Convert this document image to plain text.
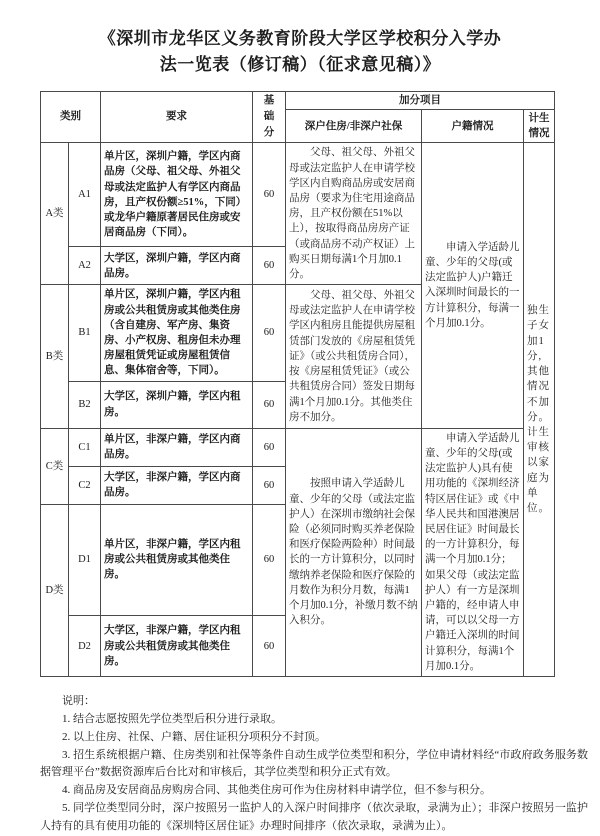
《深圳市龙华区义务教育阶段大学区学校积分入学办
法一览表（修订稿）（征求意见稿）》
类别		要求	基础分	加分项目		
				深户住房/非深户社保	户籍情况	计生情况
A类	A1	单片区，深圳户籍，学区内商品房（父母、祖父母、外祖父母或法定监护人有学区内商品房，且产权份额≥51%，下同）或龙华户籍原著居民住房或安居商品房（下同）。	60	父母、祖父母、外祖父母或法定监护人在申请学校学区内自购商品房或安居商品房（要求为住宅用途商品房，且产权份额在51%以上），按取得商品房房产证（或商品房不动产权证）上购买日期每满1个月加0.1分。	申请入学适龄儿童、少年的父母(或法定监护人)户籍迁入深圳时间最长的一方计算积分，每满一个月加0.1分。	独生子女加1分,其他情况不加分。计生审核以家庭为单位。
	A2	大学区，深圳户籍，学区内商品房。	60			
B类	B1	单片区，深圳户籍，学区内租房或公共租赁房或其他类住房（含自建房、军产房、集资房、小产权房、租房但未办理房屋租赁凭证或房屋租赁信息、集体宿舍等，下同）。	60	父母、祖父母、外祖父母或法定监护人在申请学校学区内租房且能提供房屋租赁部门发放的《房屋租赁凭证》（或公共租赁房合同），按《房屋租赁凭证》（或公共租赁房合同）签发日期每满1个月加0.1分。其他类住房不加分。		
	B2	大学区，深圳户籍，学区内租房。	60			
C类	C1	单片区，非深户籍，学区内商品房。	60	按照申请入学适龄儿童、少年的父母（或法定监护人）在深圳市缴纳社会保险（必须同时购买养老保险和医疗保险两险种）时间最长的一方计算积分，以同时缴纳养老保险和医疗保险的月数作为积分月数，每满1个月加0.1分，补缴月数不纳入积分。	申请入学适龄儿童、少年的父母(或法定监护人)具有使用功能的《深圳经济特区居住证》或《中华人民共和国港澳居民居住证》时间最长的一方计算积分，每满一个月加0.1分；如果父母（或法定监护人）有一方是深圳户籍的，经申请人申请，可以以父母一方户籍迁入深圳的时间计算积分，每满1个月加0.1分。	
	C2	大学区，非深户籍，学区内商品房。	60			
D类	D1	单片区，非深户籍，学区内租房或公共租赁房或其他类住房。	60			
	D2	大学区，非深户籍，学区内租房或公共租赁房或其他类住房。	60			

说明：

1. 结合志愿按照先学位类型后积分进行录取。

2. 以上住房、社保、户籍、居住证积分项积分不封顶。

3. 招生系统根据户籍、住房类别和社保等条件自动生成学位类型和积分，学位申请材料经“市政府政务服务数据管理平台”数据资源库后台比对和审核后，其学位类型和积分正式有效。

4. 商品房及安居商品房购房合同、其他类住房可作为住房材料申请学位，但不参与积分。

5. 同学位类型同分时，深户按照另一监护人的入深户时间排序（依次录取，录满为止）；非深户按照另一监护人持有的具有使用功能的《深圳特区居住证》办理时间排序（依次录取，录满为止）。
